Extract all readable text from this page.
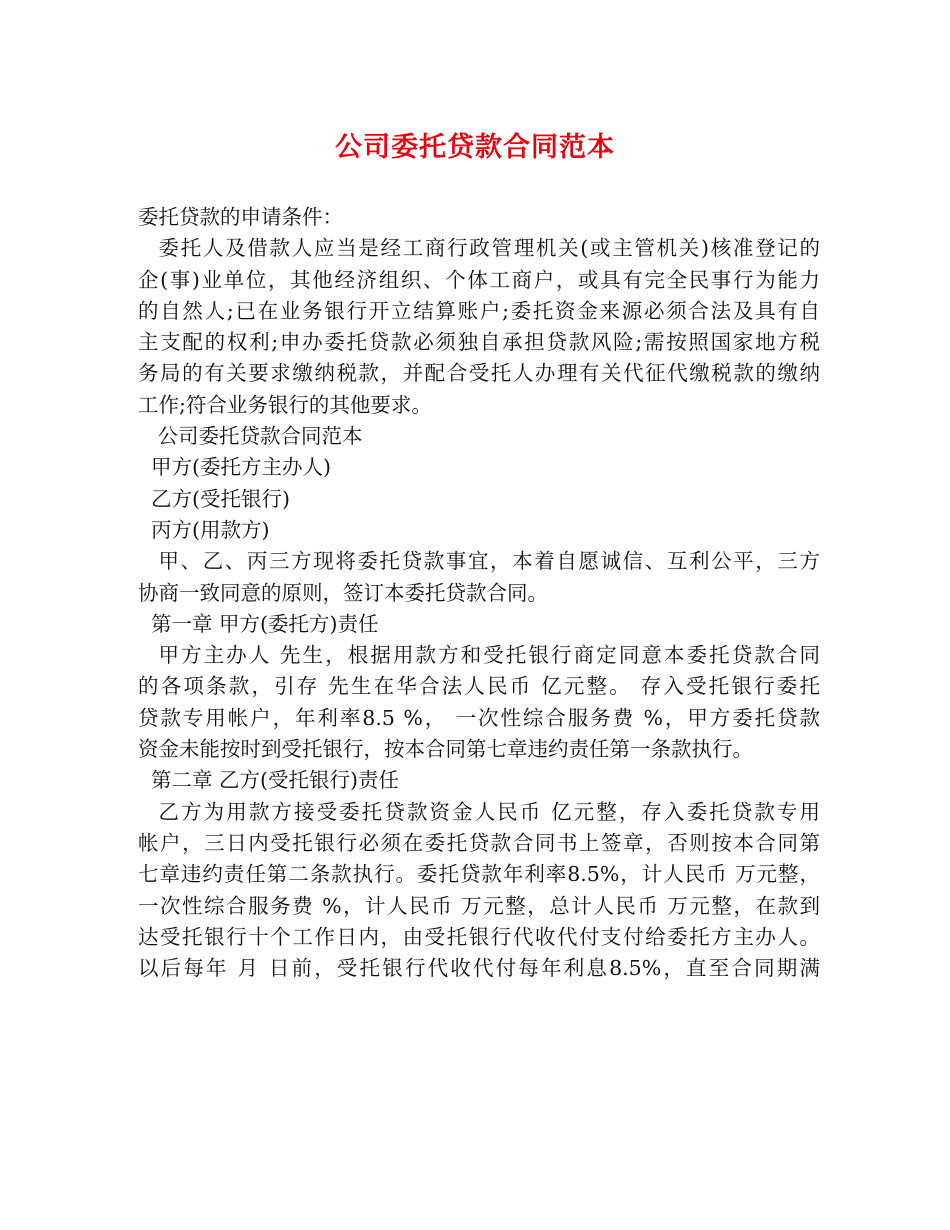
公司委托贷款合同范本
委托贷款的申请条件：
委托人及借款人应当是经工商行政管理机关(或主管机关)核准登记的
企(事)业单位，其他经济组织、个体工商户，或具有完全民事行为能力
的自然人;已在业务银行开立结算账户;委托资金来源必须合法及具有自
主支配的权利;申办委托贷款必须独自承担贷款风险;需按照国家地方税
务局的有关要求缴纳税款，并配合受托人办理有关代征代缴税款的缴纳
工作;符合业务银行的其他要求。
公司委托贷款合同范本
甲方(委托方主办人)
乙方(受托银行)
丙方(用款方)
甲、乙、丙三方现将委托贷款事宜，本着自愿诚信、互利公平，三方
协商一致同意的原则，签订本委托贷款合同。
第一章 甲方(委托方)责任
甲方主办人 先生，根据用款方和受托银行商定同意本委托贷款合同
的各项条款，引存 先生在华合法人民币 亿元整。 存入受托银行委托
贷款专用帐户，年利率8.5 %， 一次性综合服务费 %，甲方委托贷款
资金未能按时到受托银行，按本合同第七章违约责任第一条款执行。
第二章 乙方(受托银行)责任
乙方为用款方接受委托贷款资金人民币 亿元整，存入委托贷款专用
帐户，三日内受托银行必须在委托贷款合同书上签章，否则按本合同第
七章违约责任第二条款执行。委托贷款年利率8.5%，计人民币 万元整，
一次性综合服务费 %，计人民币 万元整，总计人民币 万元整，在款到
达受托银行十个工作日内，由受托银行代收代付支付给委托方主办人。
以后每年 月 日前，受托银行代收代付每年利息8.5%，直至合同期满
